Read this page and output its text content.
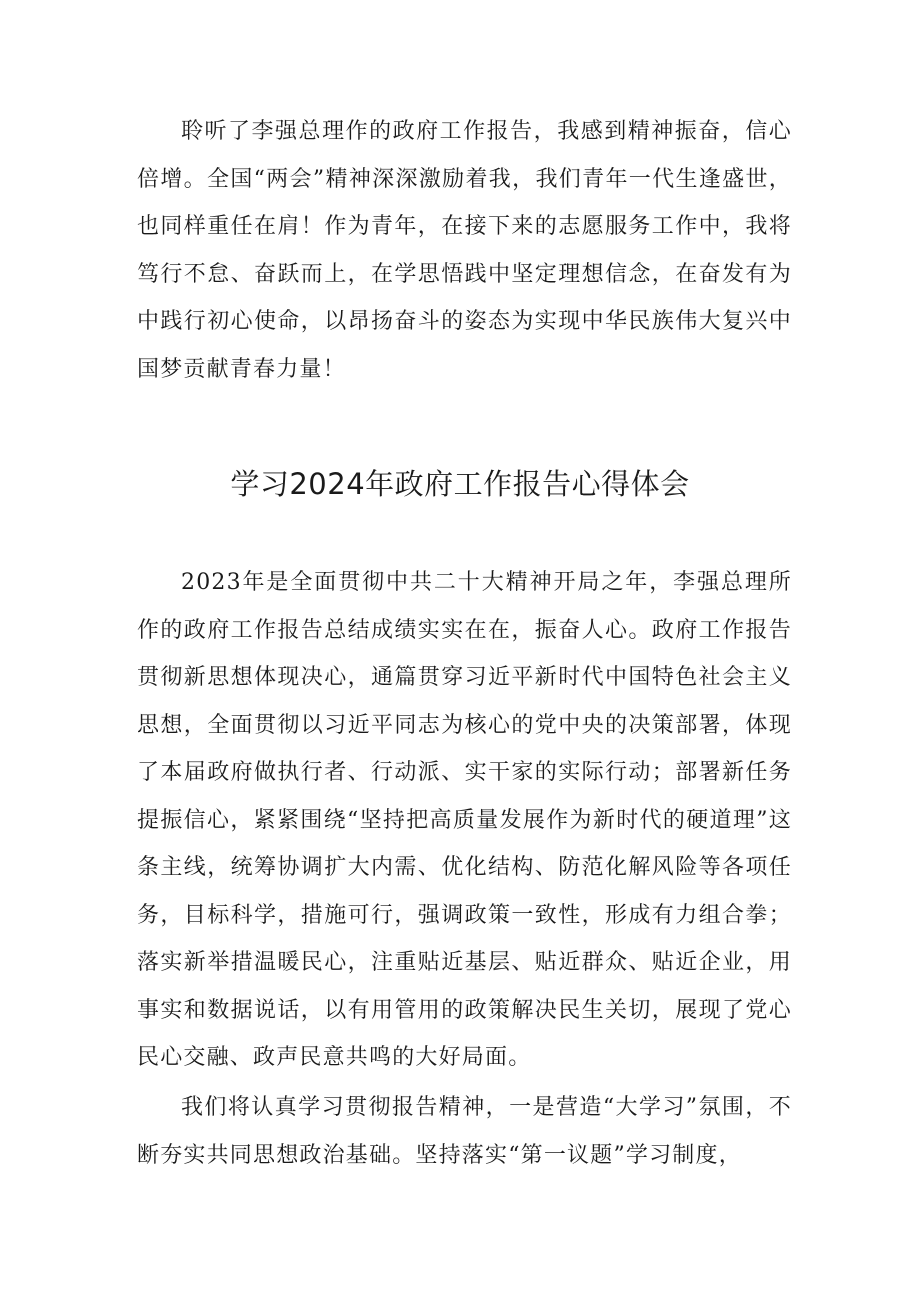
聆听了李强总理作的政府工作报告，我感到精神振奋，信心倍增。全国“两会”精神深深激励着我，我们青年一代生逢盛世，也同样重任在肩！作为青年，在接下来的志愿服务工作中，我将笃行不怠、奋跃而上，在学思悟践中坚定理想信念，在奋发有为中践行初心使命，以昂扬奋斗的姿态为实现中华民族伟大复兴中国梦贡献青春力量！

学习2024年政府工作报告心得体会

2023年是全面贯彻中共二十大精神开局之年，李强总理所作的政府工作报告总结成绩实实在在，振奋人心。政府工作报告贯彻新思想体现决心，通篇贯穿习近平新时代中国特色社会主义思想，全面贯彻以习近平同志为核心的党中央的决策部署，体现了本届政府做执行者、行动派、实干家的实际行动；部署新任务提振信心，紧紧围绕“坚持把高质量发展作为新时代的硬道理”这条主线，统筹协调扩大内需、优化结构、防范化解风险等各项任务，目标科学，措施可行，强调政策一致性，形成有力组合拳；落实新举措温暖民心，注重贴近基层、贴近群众、贴近企业，用事实和数据说话，以有用管用的政策解决民生关切，展现了党心民心交融、政声民意共鸣的大好局面。

我们将认真学习贯彻报告精神，一是营造“大学习”氛围，不断夯实共同思想政治基础。坚持落实“第一议题”学习制度，
